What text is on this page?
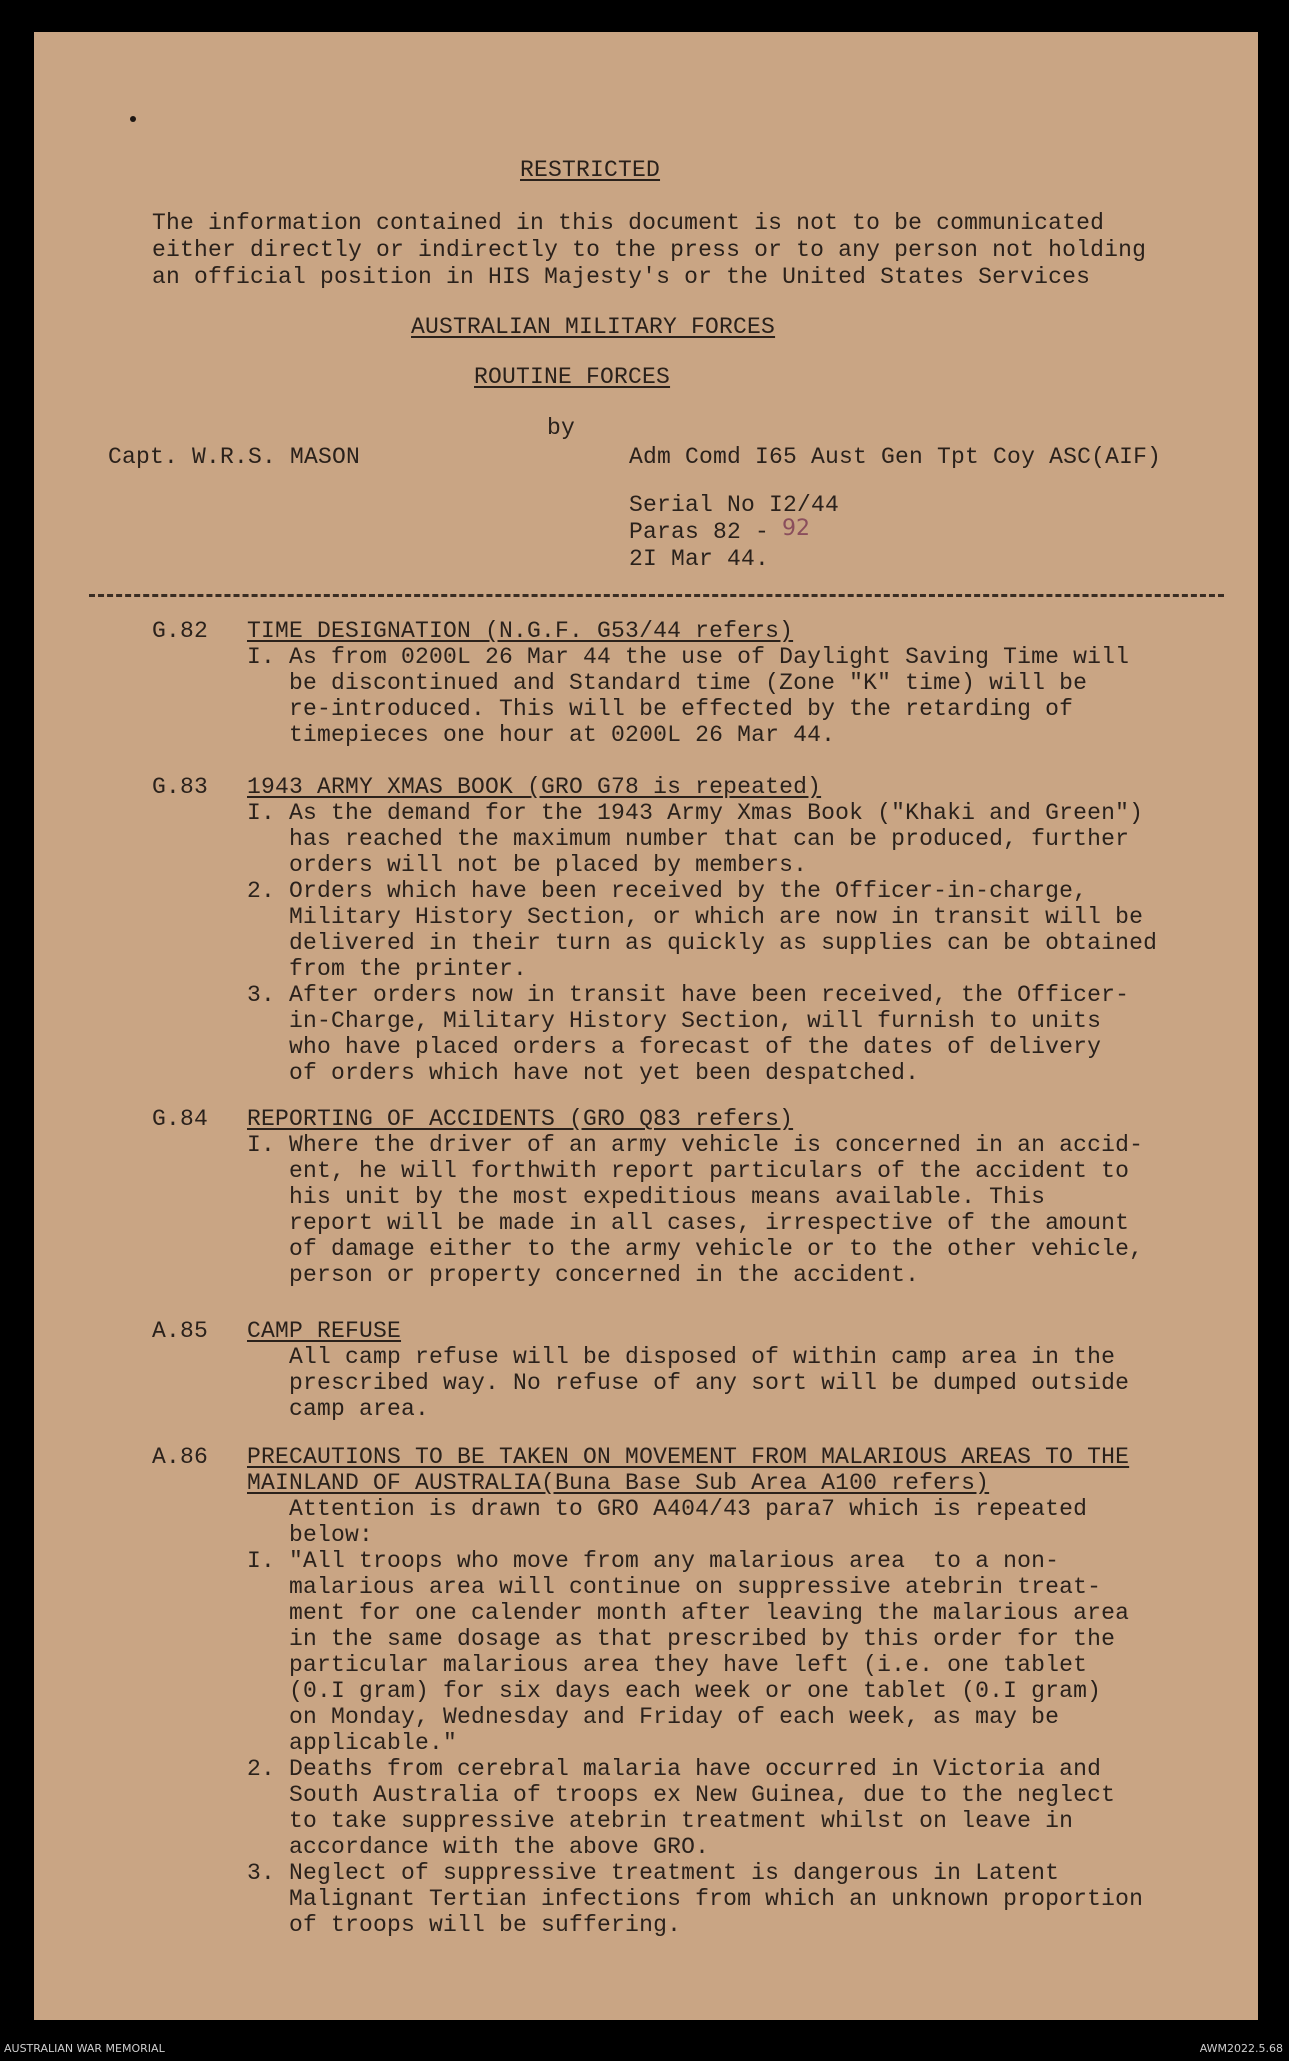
RESTRICTED
The information contained in this document is not to be communicated
either directly or indirectly to the press or to any person not holding
an official position in HIS Majesty's or the United States Services
AUSTRALIAN MILITARY FORCES
ROUTINE FORCES
by
Capt. W.R.S. MASON	Adm Comd I65 Aust Gen Tpt Coy ASC(AIF)
Serial No I2/44
Paras 82 - 92
2I Mar 44.
G.82 TIME DESIGNATION (N.G.F. G53/44 refers)
I. As from 0200L 26 Mar 44 the use of Daylight Saving Time will
be discontinued and Standard time (Zone "K" time) will be
re-introduced. This will be effected by the retarding of
timepieces one hour at 0200L 26 Mar 44.
G.83 1943 ARMY XMAS BOOK (GRO G78 is repeated)
I. As the demand for the 1943 Army Xmas Book ("Khaki and Green")
has reached the maximum number that can be produced, further
orders will not be placed by members.
2. Orders which have been received by the Officer-in-charge,
Military History Section, or which are now in transit will be
delivered in their turn as quickly as supplies can be obtained
from the printer.
3. After orders now in transit have been received, the Officer-
in-Charge, Military History Section, will furnish to units
who have placed orders a forecast of the dates of delivery
of orders which have not yet been despatched.
G.84 REPORTING OF ACCIDENTS (GRO Q83 refers)
I. Where the driver of an army vehicle is concerned in an accid-
ent, he will forthwith report particulars of the accident to
his unit by the most expeditious means available. This
report will be made in all cases, irrespective of the amount
of damage either to the army vehicle or to the other vehicle,
person or property concerned in the accident.
A.85 CAMP REFUSE
All camp refuse will be disposed of within camp area in the
prescribed way. No refuse of any sort will be dumped outside
camp area.
A.86 PRECAUTIONS TO BE TAKEN ON MOVEMENT FROM MALARIOUS AREAS TO THE
MAINLAND OF AUSTRALIA(Buna Base Sub Area A100 refers)
Attention is drawn to GRO A404/43 para7 which is repeated
below:
I. "All troops who move from any malarious area  to a non-
malarious area will continue on suppressive atebrin treat-
ment for one calender month after leaving the malarious area
in the same dosage as that prescribed by this order for the
particular malarious area they have left (i.e. one tablet
(0.I gram) for six days each week or one tablet (0.I gram)
on Monday, Wednesday and Friday of each week, as may be
applicable."
2. Deaths from cerebral malaria have occurred in Victoria and
South Australia of troops ex New Guinea, due to the neglect
to take suppressive atebrin treatment whilst on leave in
accordance with the above GRO.
3. Neglect of suppressive treatment is dangerous in Latent
Malignant Tertian infections from which an unknown proportion
of troops will be suffering.
AUSTRALIAN WAR MEMORIAL	AWM2022.5.68
